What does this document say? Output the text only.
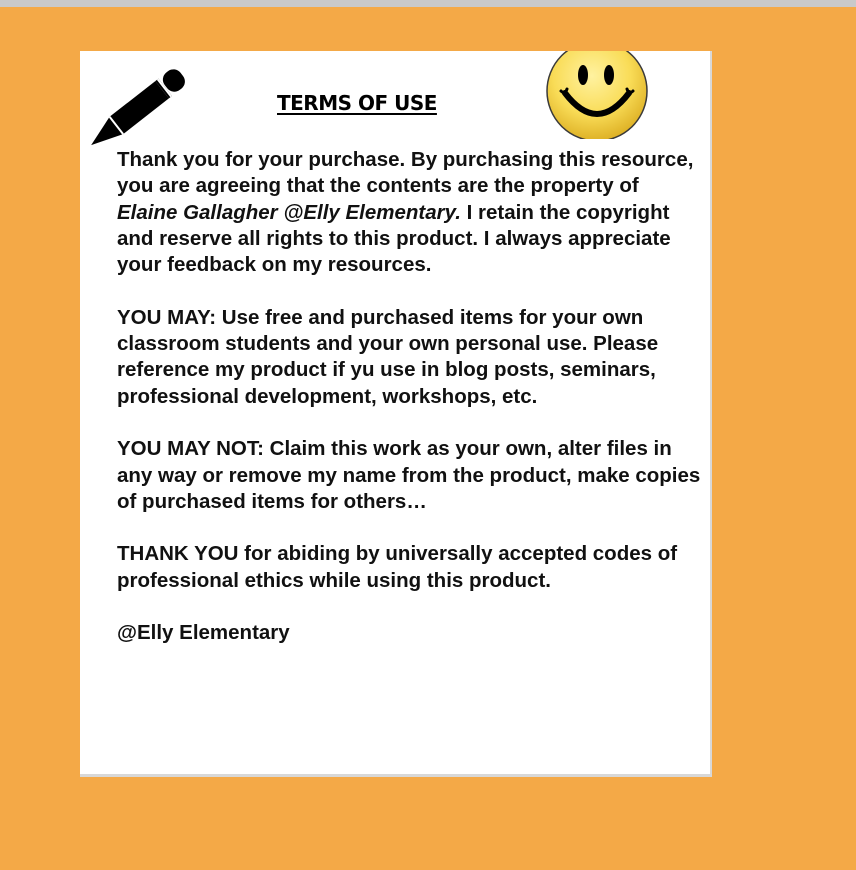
TERMS OF USE

Thank you for your purchase. By purchasing this resource, you are agreeing that the contents are the property of Elaine Gallagher @Elly Elementary. I retain the copyright and reserve all rights to this product. I always appreciate your feedback on my resources.

YOU MAY: Use free and purchased items for your own classroom students and your own personal use. Please reference my product if yu use in blog posts, seminars, professional development, workshops, etc.

YOU MAY NOT: Claim this work as your own, alter files in any way or remove my name from the product, make copies of purchased items for others…

THANK YOU for abiding by universally accepted codes of professional ethics while using this product.

@Elly Elementary
